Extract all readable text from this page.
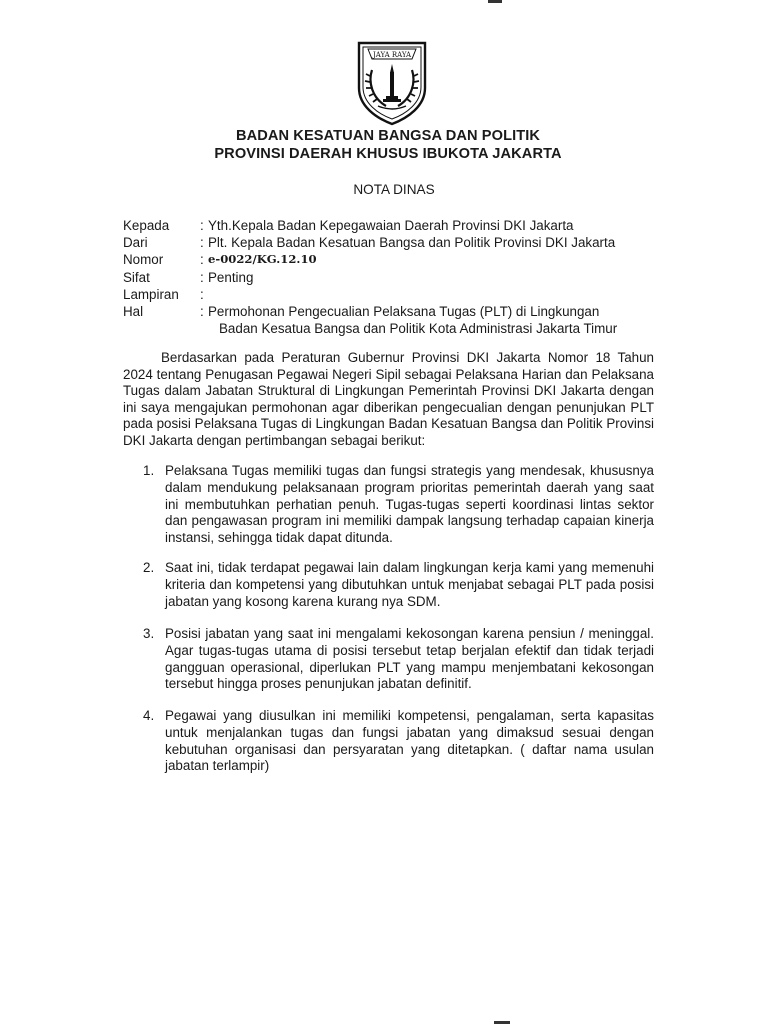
JAYA RAYA
BADAN KESATUAN BANGSA DAN POLITIK
PROVINSI DAERAH KHUSUS IBUKOTA JAKARTA
NOTA DINAS
Kepada	: Yth.Kepala Badan Kepegawaian Daerah Provinsi DKI Jakarta
Dari	: Plt. Kepala Badan Kesatuan Bangsa dan Politik Provinsi DKI Jakarta
Nomor	: e-0022/KG.12.10
Sifat	: Penting
Lampiran	:
Hal	: Permohonan Pengecualian Pelaksana Tugas (PLT) di Lingkungan
Badan Kesatua Bangsa dan Politik Kota Administrasi Jakarta Timur
Berdasarkan pada Peraturan Gubernur Provinsi DKI Jakarta Nomor 18 Tahun 2024 tentang Penugasan Pegawai Negeri Sipil sebagai Pelaksana Harian dan Pelaksana Tugas dalam Jabatan Struktural di Lingkungan Pemerintah Provinsi DKI Jakarta dengan ini saya mengajukan permohonan agar diberikan pengecualian dengan penunjukan PLT pada posisi Pelaksana Tugas di Lingkungan Badan Kesatuan Bangsa dan Politik Provinsi DKI Jakarta dengan pertimbangan sebagai berikut:
1. Pelaksana Tugas memiliki tugas dan fungsi strategis yang mendesak, khususnya dalam mendukung pelaksanaan program prioritas pemerintah daerah yang saat ini membutuhkan perhatian penuh. Tugas-tugas seperti koordinasi lintas sektor dan pengawasan program ini memiliki dampak langsung terhadap capaian kinerja instansi, sehingga tidak dapat ditunda.
2. Saat ini, tidak terdapat pegawai lain dalam lingkungan kerja kami yang memenuhi kriteria dan kompetensi yang dibutuhkan untuk menjabat sebagai PLT pada posisi jabatan yang kosong karena kurang nya SDM.
3. Posisi jabatan yang saat ini mengalami kekosongan karena pensiun / meninggal. Agar tugas-tugas utama di posisi tersebut tetap berjalan efektif dan tidak terjadi gangguan operasional, diperlukan PLT yang mampu menjembatani kekosongan tersebut hingga proses penunjukan jabatan definitif.
4. Pegawai yang diusulkan ini memiliki kompetensi, pengalaman, serta kapasitas untuk menjalankan tugas dan fungsi jabatan yang dimaksud sesuai dengan kebutuhan organisasi dan persyaratan yang ditetapkan. ( daftar nama usulan jabatan terlampir)
